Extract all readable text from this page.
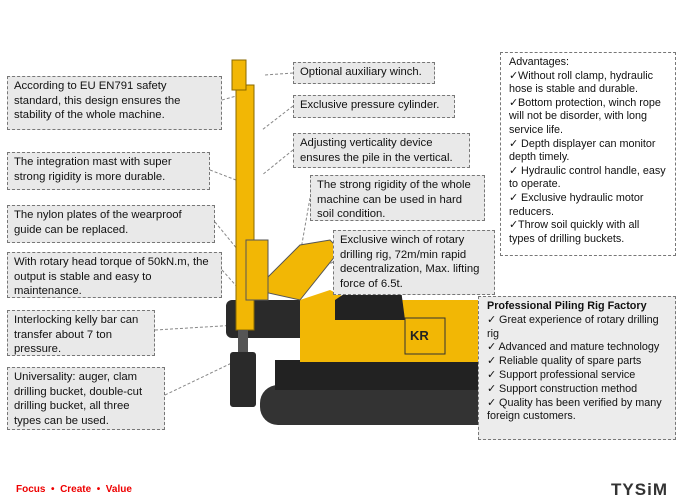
KR
According to EU EN791 safety standard, this design ensures the stability of the whole machine.
The integration mast with super strong rigidity is more durable.
The nylon plates of the wearproof guide can be replaced.
With rotary head torque of 50kN.m, the output is stable and easy to maintenance.
Interlocking kelly bar can transfer about 7 ton pressure.
Universality: auger, clam drilling bucket, double-cut drilling bucket, all three types can be used.
Optional auxiliary winch.
Exclusive pressure cylinder.
Adjusting verticality device ensures the pile in the vertical.
The strong rigidity of the whole machine can be used in hard soil condition.
Exclusive winch of rotary drilling rig, 72m/min rapid decentralization, Max. lifting force of 6.5t.
Advantages:
✓Without roll clamp, hydraulic hose is stable and durable.
✓Bottom protection, winch rope will not be disorder, with long service life.
✓ Depth displayer can monitor depth timely.
✓ Hydraulic control handle, easy to operate.
✓ Exclusive hydraulic motor reducers.
✓Throw soil quickly with all types of drilling buckets.
Professional Piling Rig Factory
✓ Great experience of rotary drilling rig
✓ Advanced and mature technology
✓ Reliable quality of spare parts
✓ Support professional service
✓ Support construction method
✓ Quality has been verified by many foreign customers.
Focus  •  Create  •  Value	TYSiM
